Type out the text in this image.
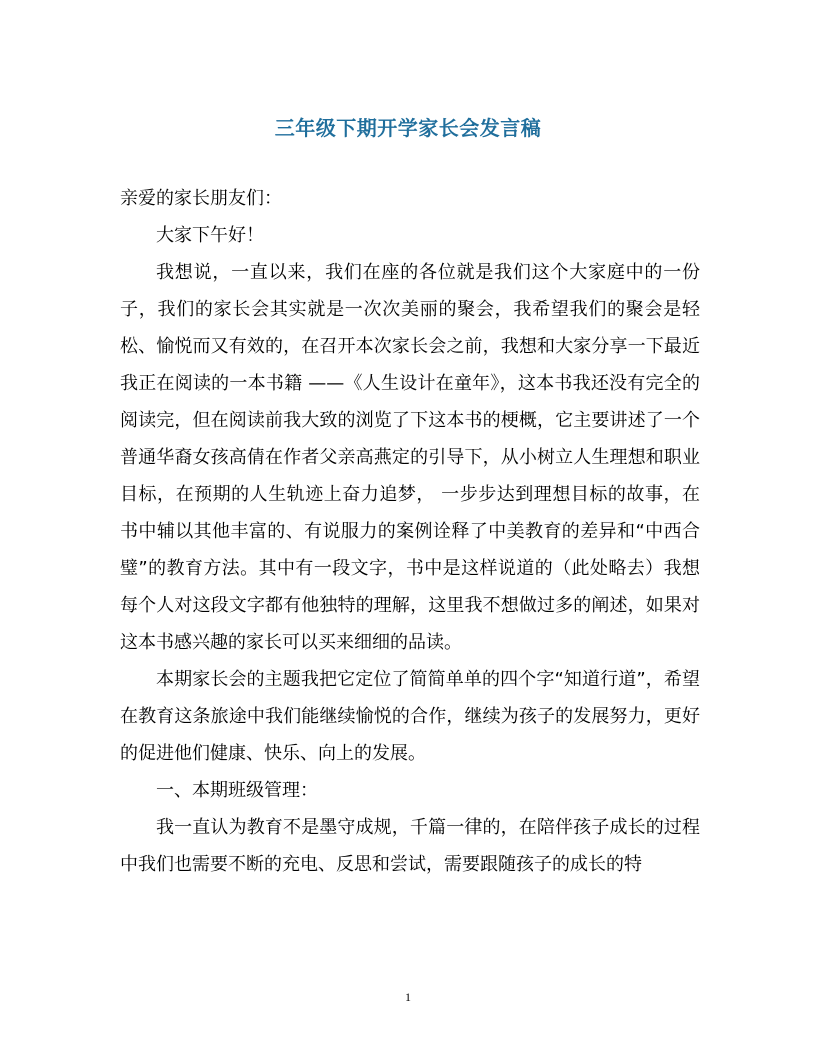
三年级下期开学家长会发言稿

亲爱的家长朋友们：

大家下午好！

我想说，一直以来，我们在座的各位就是我们这个大家庭中的一份子，我们的家长会其实就是一次次美丽的聚会，我希望我们的聚会是轻松、愉悦而又有效的，在召开本次家长会之前，我想和大家分享一下最近我正在阅读的一本书籍 ——《人生设计在童年》，这本书我还没有完全的阅读完，但在阅读前我大致的浏览了下这本书的梗概，它主要讲述了一个普通华裔女孩高倩在作者父亲高燕定的引导下，从小树立人生理想和职业目标，在预期的人生轨迹上奋力追梦， 一步步达到理想目标的故事，在书中辅以其他丰富的、有说服力的案例诠释了中美教育的差异和“中西合璧”的教育方法。其中有一段文字，书中是这样说道的（此处略去）我想每个人对这段文字都有他独特的理解，这里我不想做过多的阐述，如果对这本书感兴趣的家长可以买来细细的品读。

本期家长会的主题我把它定位了简简单单的四个字“知道行道”，希望在教育这条旅途中我们能继续愉悦的合作，继续为孩子的发展努力，更好的促进他们健康、快乐、向上的发展。

一、本期班级管理：

我一直认为教育不是墨守成规，千篇一律的，在陪伴孩子成长的过程中我们也需要不断的充电、反思和尝试，需要跟随孩子的成长的特

1
